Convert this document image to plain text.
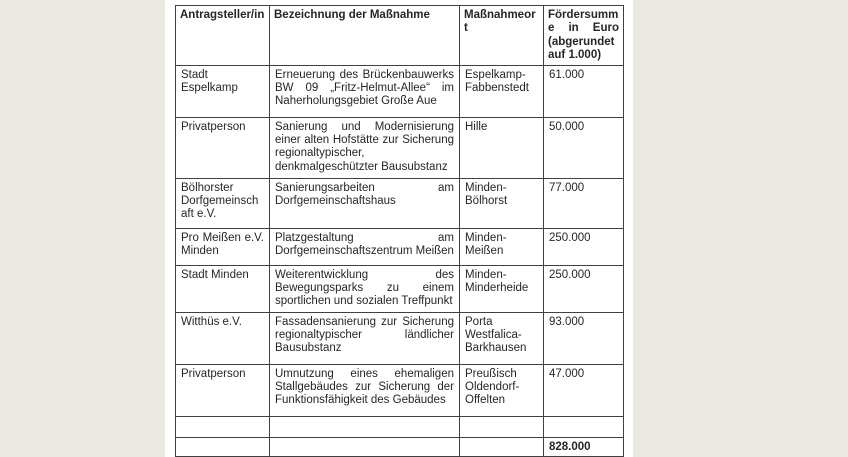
Antragsteller/in	Bezeichnung der Maßnahme	Maßnahmeort	Fördersumme in Euro (abgerundet auf 1.000)
Stadt Espelkamp	Erneuerung des Brückenbauwerks BW 09 „Fritz-Helmut-Allee“ im Naherholungsgebiet Große Aue	Espelkamp-Fabbenstedt	61.000
Privatperson	Sanierung und Modernisierung einer alten Hofstätte zur Sicherung regionaltypischer, denkmalgeschützter Bausubstanz	Hille	50.000
Bölhorster Dorfgemeinschaft e.V.	Sanierungsarbeiten am Dorfgemeinschaftshaus	Minden-Bölhorst	77.000
Pro Meißen e.V. Minden	Platzgestaltung am Dorfgemeinschaftszentrum Meißen	Minden-Meißen	250.000
Stadt Minden	Weiterentwicklung des Bewegungsparks zu einem sportlichen und sozialen Treffpunkt	Minden-Minderheide	250.000
Witthüs e.V.	Fassadensanierung zur Sicherung regionaltypischer ländlicher Bausubstanz	Porta Westfalica-Barkhausen	93.000
Privatperson	Umnutzung eines ehemaligen Stallgebäudes zur Sicherung der Funktionsfähigkeit des Gebäudes	Preußisch Oldendorf-Offelten	47.000

			828.000
